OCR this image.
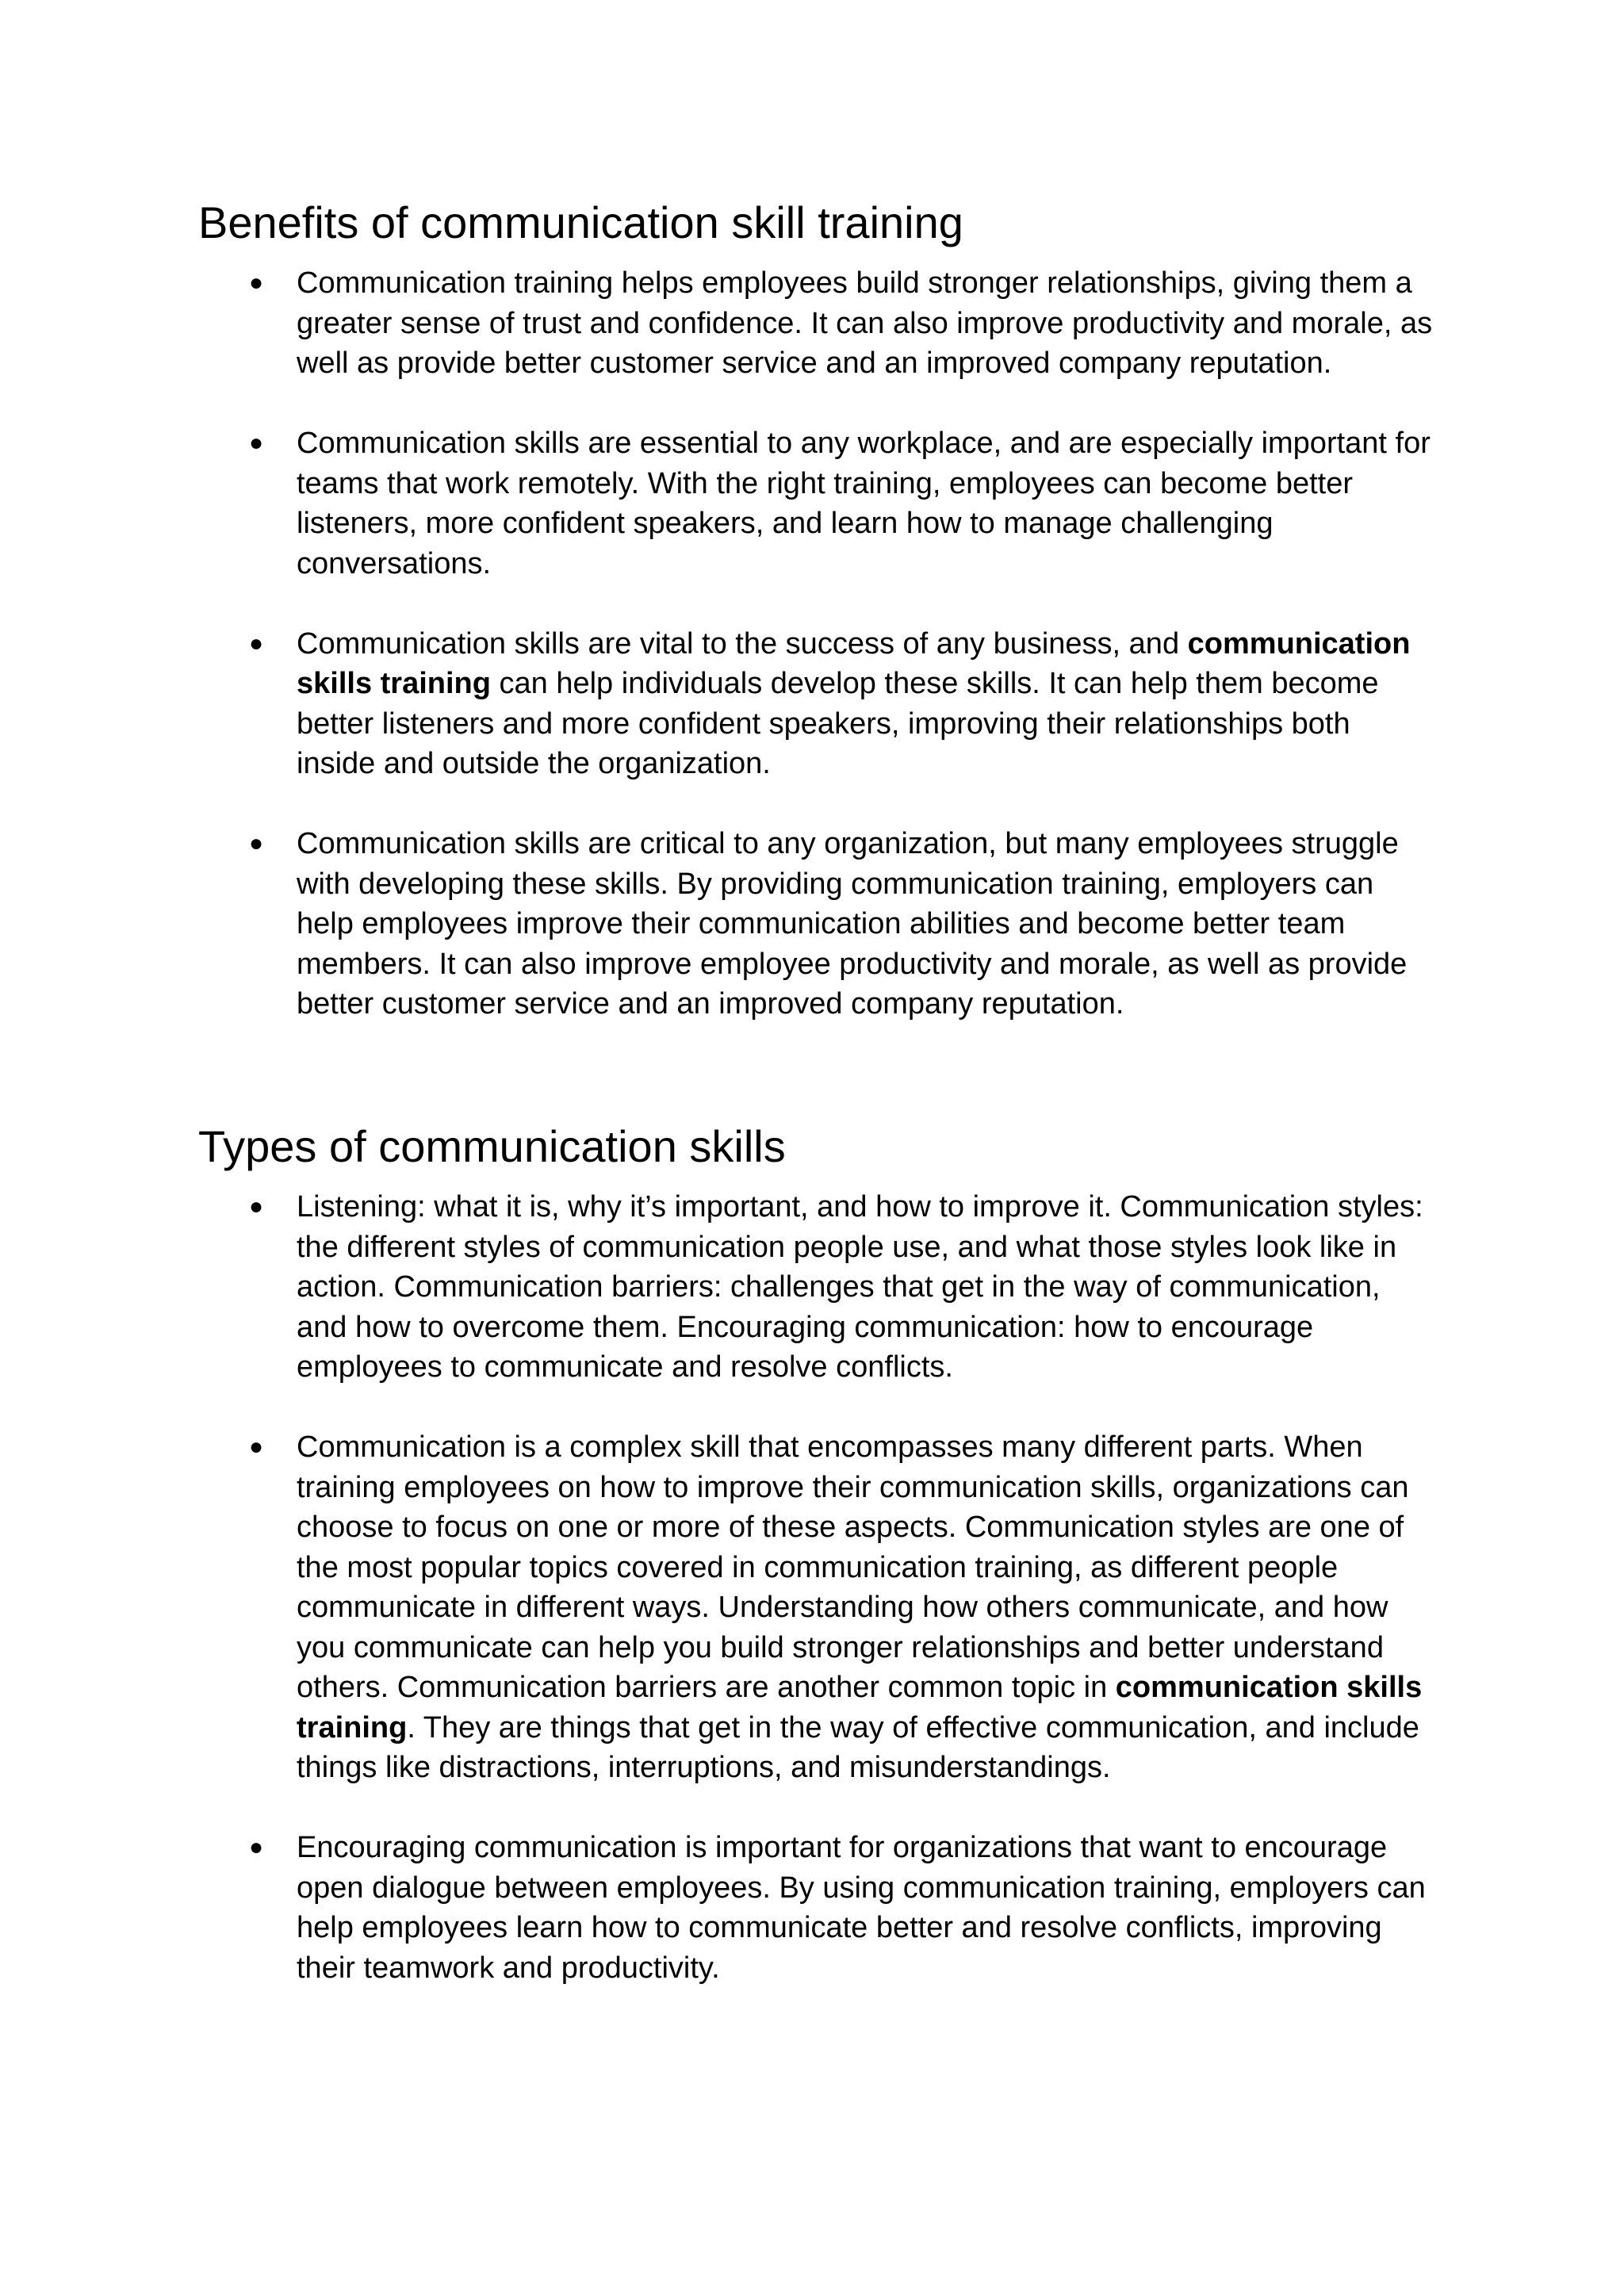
Benefits of communication skill training
● Communication training helps employees build stronger relationships, giving them a greater sense of trust and confidence. It can also improve productivity and morale, as well as provide better customer service and an improved company reputation.
● Communication skills are essential to any workplace, and are especially important for teams that work remotely. With the right training, employees can become better listeners, more confident speakers, and learn how to manage challenging conversations.
● Communication skills are vital to the success of any business, and communication skills training can help individuals develop these skills. It can help them become better listeners and more confident speakers, improving their relationships both inside and outside the organization.
● Communication skills are critical to any organization, but many employees struggle with developing these skills. By providing communication training, employers can help employees improve their communication abilities and become better team members. It can also improve employee productivity and morale, as well as provide better customer service and an improved company reputation.
Types of communication skills
● Listening: what it is, why it’s important, and how to improve it. Communication styles: the different styles of communication people use, and what those styles look like in action. Communication barriers: challenges that get in the way of communication, and how to overcome them. Encouraging communication: how to encourage employees to communicate and resolve conflicts.
● Communication is a complex skill that encompasses many different parts. When training employees on how to improve their communication skills, organizations can choose to focus on one or more of these aspects. Communication styles are one of the most popular topics covered in communication training, as different people communicate in different ways. Understanding how others communicate, and how you communicate can help you build stronger relationships and better understand others. Communication barriers are another common topic in communication skills training. They are things that get in the way of effective communication, and include things like distractions, interruptions, and misunderstandings.
● Encouraging communication is important for organizations that want to encourage open dialogue between employees. By using communication training, employers can help employees learn how to communicate better and resolve conflicts, improving their teamwork and productivity.
